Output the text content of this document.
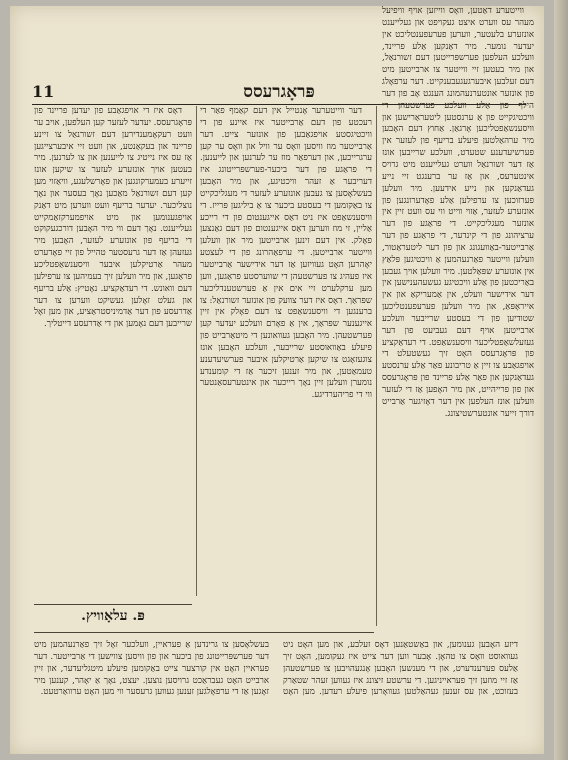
11	פּראָגרעסס

ווייטערע דאַטען, וואָס ווייזען אויף וויפיעל מעהר עס ווערט איצט געקויפט און געלייענט אונזערע בלעטער, ווערען פערעפענטליכט אין יעדער נומער. מיר דאַנקען אַלע פריינד, וועלכע העלפען פערשפּרייטען דעם זשורנאַל, און מיר בעטען זיי ווייטער צו ארבייטען מיט דעם זעלבען איבערגעגעבענקייט. דער ערפאָלג פון אונזער אונטערנעהמונג הענגט אָב פון דער הילף פון אַלע וועלכע פערשטעהן די וויכטיגקייט פון אַ ערנסטען ליטעראַרישען און וויסענשאַפטליכען אָרגאַן. אַחוץ דעם האָבען מיר ערהאַלטען פיעלע בריעף פון לעזער אין פערשיעדענע שטעדט, וועלכע שרייבען אונז אַז דער זשורנאַל ווערט געלייענט מיט גרויס אינטערעס, און אַז ער ברענגט זיי נייע געדאַנקען און נייע אידעען. מיר וועלען פערזוכען צו ערפילען אַלע פאָדערונגען פון אונזערע לעזער, אַזוי ווייט ווי עס וועט זיין אין אונזער מעגליכקייט. די פראַגע פון דער ערציהונג פון די קינדער, די פראַגע פון דער אַרבייטער-באַוועגונג און פון דער ליטעראַטור, וועלען ווייטער פאַרנעהמען אַ וויכטיגען פּלאַץ אין אונזערע שפּאַלטען. מיר וועלען אויך געבען באַריכטען פון אַלע וויכטיגע געשעהענישען אין דער אידישער וועלט, אין אַמעריקאַ און אין אייראָפּאַ, און מיר וועלען פערעפענטליכען שטודיען פון די בעסטע שרייבער וועלכע ארבייטען אויף דעם געביעט פון דער געזעלשאַפטליכער וויסענשאַפט. די רעדאַקציע פון פּראָגרעסס האָט זיך געשטעלט די אויפגאַבע צו זיין אַ טריבונע פאַר אַלע ערנסטע געדאַנקען און פאַר אַלע פריינד פון פּראָגרעסס און פון פרייהייט, און מיר האָפען אַז די לעזער וועלען אונז העלפען אין דער דאָזיגער אַרבייט דורך זייער אונטערשטיצונג.

דער ווייטערער אָנטייל אין דעם קאַמף פאַר די רעכטע פון דעם אַרבייטער איז איינע פון די וויכטיגסטע אויפגאַבען פון אונזער צייט. דער אַרבייטער מוז וויסען וואָס ער וויל און וואָס ער קען ערגרייכען, און דערפאַר מוז ער לערנען און לייענען. די פראַגע פון דער ביכער-פערשפּרייטונג איז דעריבער אַ זעהר וויכטיגע, און מיר האָבען בעשלאָסען צו געבען אונזערע לעזער די מעגליכקייט צו באַקומען די בעסטע ביכער צו אַ ביליגען פּרייז. די וויסענשאַפט איז ניט דאַס אייגענטום פון די רייכע אַליין, זי מוז ווערען דאַס אייגענטום פון דעם גאַנצען פאָלק. אין דעם זינען ארבייטען מיר און וועלען ווייטער ארבייטען. די ערפאַהרונג פון די לעצטע יאָהרען האָט געוויזען אַז דער אידישער אַרבייטער איז פעהיג צו פערשטעהן די שווערסטע פראַגען, ווען מען ערקלערט זיי אים אין אַ פערשטענדליכער שפּראַך. דאָס איז דער צוועק פון אונזער זשורנאַל: צו ברענגען די וויסענשאַפט צו דעם פאָלק אין זיין אייגענער שפּראַך, אין אַ פאָרם וועלכע יעדער קען פערשטעהן. מיר האָבען געוואונען די מיטאַרבייט פון פיעלע באַוואוסטע שרייבער, וועלכע האָבען אונז צוגעזאָגט צו שיקען אַרטיקלען איבער פערשיעדענע טעמאַטען, און מיר זענען זיכער אַז די קומענדע נומערן וועלען זיין נאָך רייכער און אינטערעסאַנטער ווי די פריהערדיגע.

דאָס איז די אויפגאַבע פון יעדען פריינד פון פּראָגרעסס. יעדער לעזער קען העלפען, אויב ער וועט רעקאָמענדירען דעם זשורנאַל צו זיינע פריינד און בעקאַנטע, און וועט זיי איבערצייגען אַז עס איז נייטיג צו לייענען און צו לערנען. מיר בעטען אויך אונזערע לעזער צו שיקען אונז זייערע בעמערקונגען און פאָרשלעגע, וויאַזוי מען קען דעם זשורנאַל מאַכען נאָך בעסער און נאָך נוצליכער. יעדער בריעף וועט ווערען מיט דאַנק אויפגענומען און מיט אויפמערקזאַמקייט געלייענט. נאָך דעם ווי מיר האָבען דורכגעקוקט די בריעף פון אונזערע לעזער, האָבען מיר געזעהן אַז דער גרעסטער טהייל פון זיי פאָדערט מעהר אַרטיקלען איבער וויסענשאַפטליכע פראַגען, און מיר וועלען זיך בעמיהען צו ערפילען דעם וואונש. די רעדאַקציע. נאָטיץ: אַלע בריעף און געלט זאָלען געשיקט ווערען צו דער אַדרעסע פון דער אַדמיניסטראַציע, און מען זאָל שרייבען דעם נאָמען און די אַדרעסע דייטליך.

פּ. עלאָוויץ.
דיזע האָבען גענומען, און באַשטאַנען דאָס זעלבע, און מען האָט ניט געוואוסט וואָס צו טהאָן. אָבער ווען דער צייט איז געקומען, האָט זיך אַלעס פערענדערט, און די מענשען האָבען אָנגעהויבען צו פערשטעהן אַז זיי מוזען זיך פעראייניגען. די ערשטע זיצונג איז געווען זעהר שטאַרק בעזוכט, און עס זענען געהאַלטען געוואָרען פיעלע רעדען. מען האָט בעשלאָסען צו גרינדען אַ פעראיין, וועלכער זאָל זיך פאַרנעהמען מיט דער פערשפּרייטונג פון ביכער און פון וויסען צווישען די אַרבייטער. דער פעראיין האָט אין קורצער צייט באַקומען פיעלע מיטגליעדער, און זיין ארבייט האָט געבראַכט גרויסען נוצען. יעצט, נאָך אַ יאָהר, קענען מיר זאָגען אַז די ערפאָלגען זענען געווען גרעסער ווי מען האָט ערוואַרטעט.
